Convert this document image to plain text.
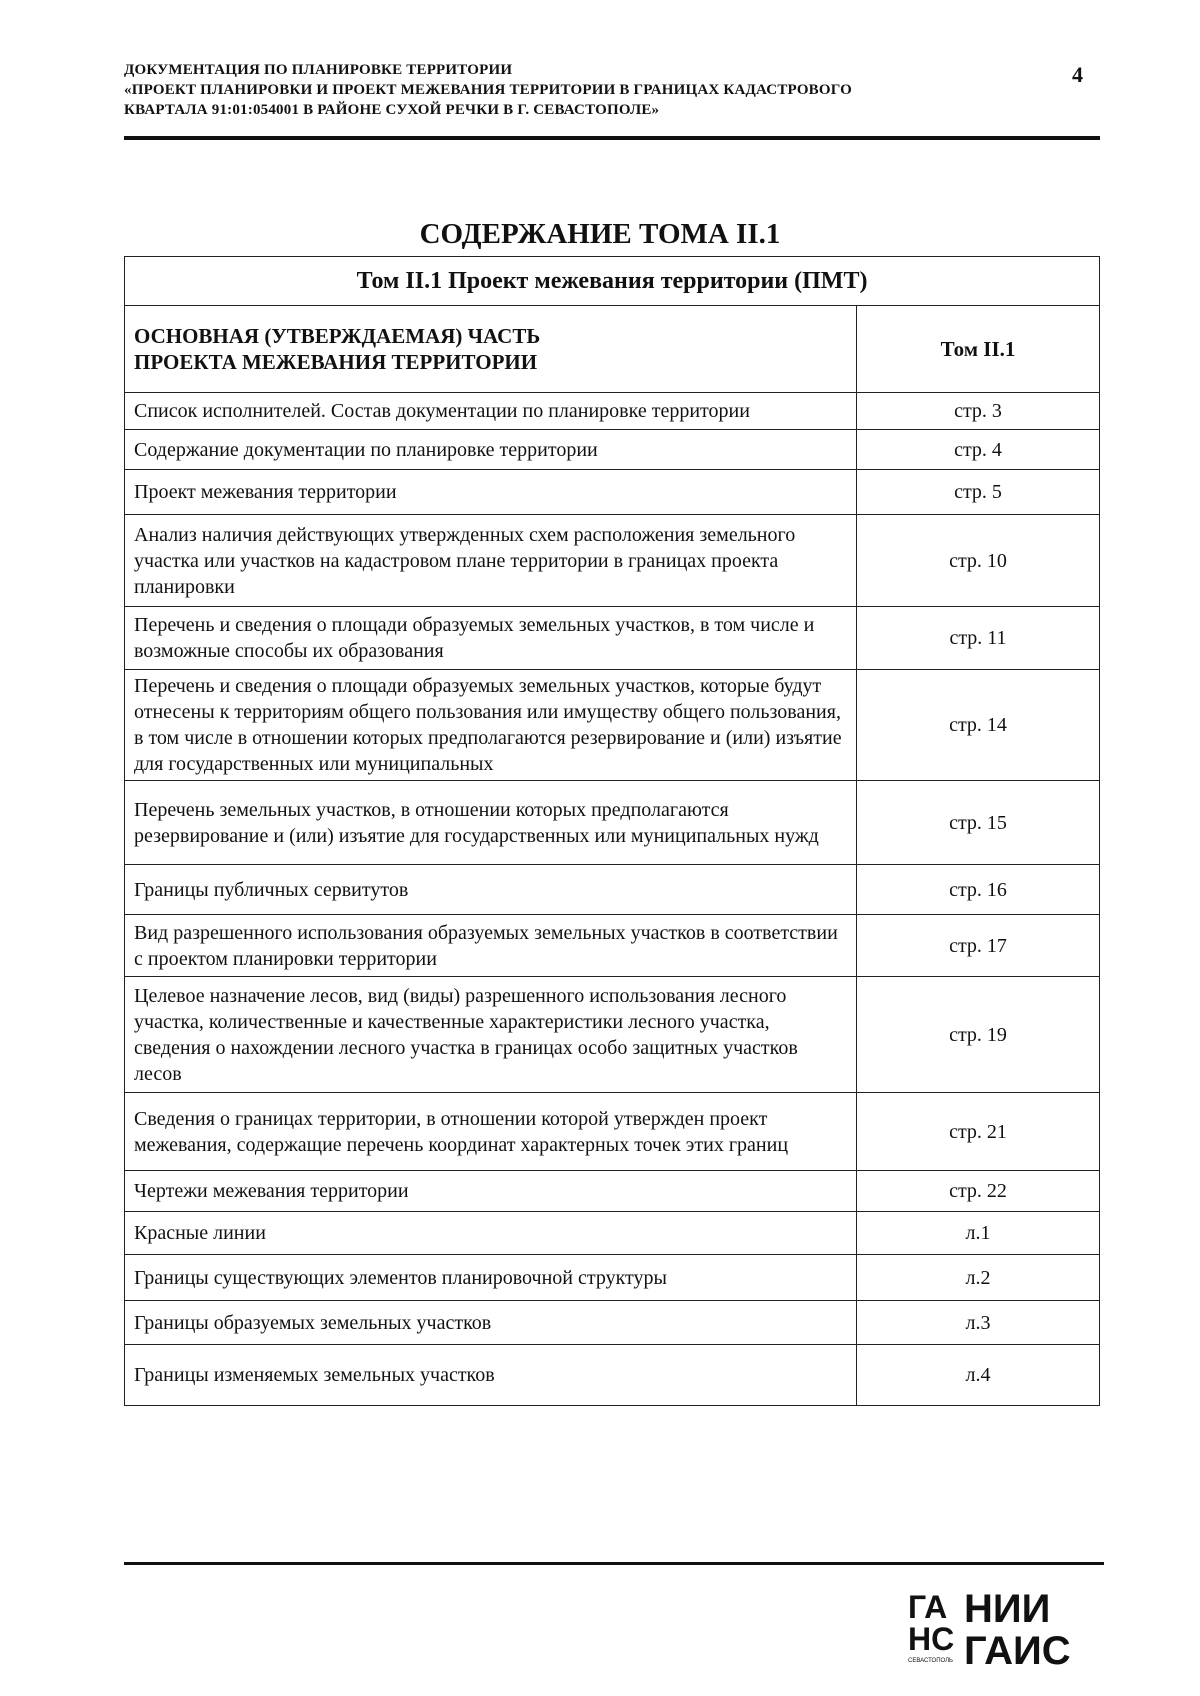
ДОКУМЕНТАЦИЯ ПО ПЛАНИРОВКЕ ТЕРРИТОРИИ
«ПРОЕКТ ПЛАНИРОВКИ И ПРОЕКТ МЕЖЕВАНИЯ ТЕРРИТОРИИ В ГРАНИЦАХ КАДАСТРОВОГО
КВАРТАЛА 91:01:054001 В РАЙОНЕ СУХОЙ РЕЧКИ В Г. СЕВАСТОПОЛЕ»
4
СОДЕРЖАНИЕ ТОМА II.1
Том II.1 Проект межевания территории (ПМТ)	

ОСНОВНАЯ (УТВЕРЖДАЕМАЯ) ЧАСТЬ
ПРОЕКТА МЕЖЕВАНИЯ ТЕРРИТОРИИ	Том II.1
Список исполнителей. Состав документации по планировке территории	стр. 3
Содержание документации по планировке территории	стр. 4
Проект межевания территории	стр. 5
Анализ наличия действующих утвержденных схем расположения земельного участка или участков на кадастровом плане территории в границах проекта планировки	стр. 10
Перечень и сведения о площади образуемых земельных участков, в том числе и возможные способы их образования	стр. 11
Перечень и сведения о площади образуемых земельных участков, которые будут отнесены к территориям общего пользования или имуществу общего пользования, в том числе в отношении которых предполагаются резервирование и (или) изъятие для государственных или муниципальных	стр. 14
Перечень земельных участков, в отношении которых предполагаются резервирование и (или) изъятие для государственных или муниципальных нужд	стр. 15
Границы публичных сервитутов	стр. 16
Вид разрешенного использования образуемых земельных участков в соответствии с проектом планировки территории	стр. 17
Целевое назначение лесов, вид (виды) разрешенного использования лесного участка, количественные и качественные характеристики лесного участка, сведения о нахождении лесного участка в границах особо защитных участков лесов	стр. 19
Сведения о границах территории, в отношении которой утвержден проект межевания, содержащие перечень координат характерных точек этих границ	стр. 21
Чертежи межевания территории	стр. 22
Красные линии	л.1
Границы существующих элементов планировочной структуры	л.2
Границы образуемых земельных участков	л.3
Границы изменяемых земельных участков	л.4
ГА
НС
СЕВАСТОПОЛЬ
НИИ
ГАИС
